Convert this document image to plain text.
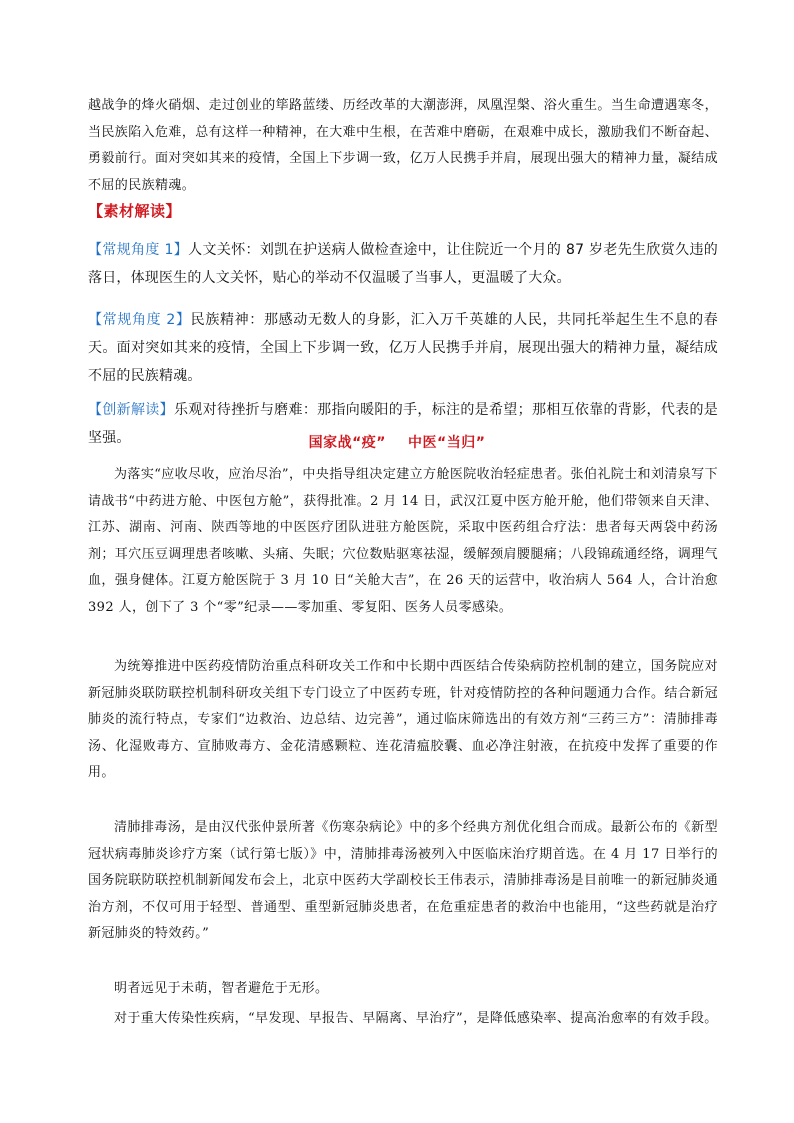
越战争的烽火硝烟、走过创业的筚路蓝缕、历经改革的大潮澎湃，凤凰涅槃、浴火重生。当生命遭遇寒冬，当民族陷入危难，总有这样一种精神，在大难中生根，在苦难中磨砺，在艰难中成长，激励我们不断奋起、勇毅前行。面对突如其来的疫情，全国上下步调一致，亿万人民携手并肩，展现出强大的精神力量，凝结成不屈的民族精魂。

【素材解读】

【常规角度 1】人文关怀：刘凯在护送病人做检查途中，让住院近一个月的 87 岁老先生欣赏久违的落日，体现医生的人文关怀，贴心的举动不仅温暖了当事人，更温暖了大众。

【常规角度 2】民族精神：那感动无数人的身影，汇入万千英雄的人民，共同托举起生生不息的春天。面对突如其来的疫情，全国上下步调一致，亿万人民携手并肩，展现出强大的精神力量，凝结成不屈的民族精魂。

【创新解读】乐观对待挫折与磨难：那指向暖阳的手，标注的是希望；那相互依靠的背影，代表的是坚强。	国家战“疫” 中医“当归”

为落实“应收尽收，应治尽治”，中央指导组决定建立方舱医院收治轻症患者。张伯礼院士和刘清泉写下请战书“中药进方舱、中医包方舱”，获得批准。2 月 14 日，武汉江夏中医方舱开舱，他们带领来自天津、江苏、湖南、河南、陕西等地的中医医疗团队进驻方舱医院，采取中医药组合疗法：患者每天两袋中药汤剂；耳穴压豆调理患者咳嗽、头痛、失眠；穴位数贴驱寒祛湿，缓解颈肩腰腿痛；八段锦疏通经络，调理气血，强身健体。江夏方舱医院于 3 月 10 日“关舱大吉”，在 26 天的运营中，收治病人 564 人，合计治愈 392 人，创下了 3 个“零”纪录——零加重、零复阳、医务人员零感染。

为统筹推进中医药疫情防治重点科研攻关工作和中长期中西医结合传染病防控机制的建立，国务院应对新冠肺炎联防联控机制科研攻关组下专门设立了中医药专班，针对疫情防控的各种问题通力合作。结合新冠肺炎的流行特点，专家们“边救治、边总结、边完善”，通过临床筛选出的有效方剂“三药三方”：清肺排毒汤、化湿败毒方、宣肺败毒方、金花清感颗粒、连花清瘟胶囊、血必净注射液，在抗疫中发挥了重要的作用。

清肺排毒汤，是由汉代张仲景所著《伤寒杂病论》中的多个经典方剂优化组合而成。最新公布的《新型冠状病毒肺炎诊疗方案（试行第七版）》中，清肺排毒汤被列入中医临床治疗期首选。在 4 月 17 日举行的国务院联防联控机制新闻发布会上，北京中医药大学副校长王伟表示，清肺排毒汤是目前唯一的新冠肺炎通治方剂，不仅可用于轻型、普通型、重型新冠肺炎患者，在危重症患者的救治中也能用，“这些药就是治疗新冠肺炎的特效药。”

明者远见于未萌，智者避危于无形。

对于重大传染性疾病，“早发现、早报告、早隔离、早治疗”，是降低感染率、提高治愈率的有效手段。
